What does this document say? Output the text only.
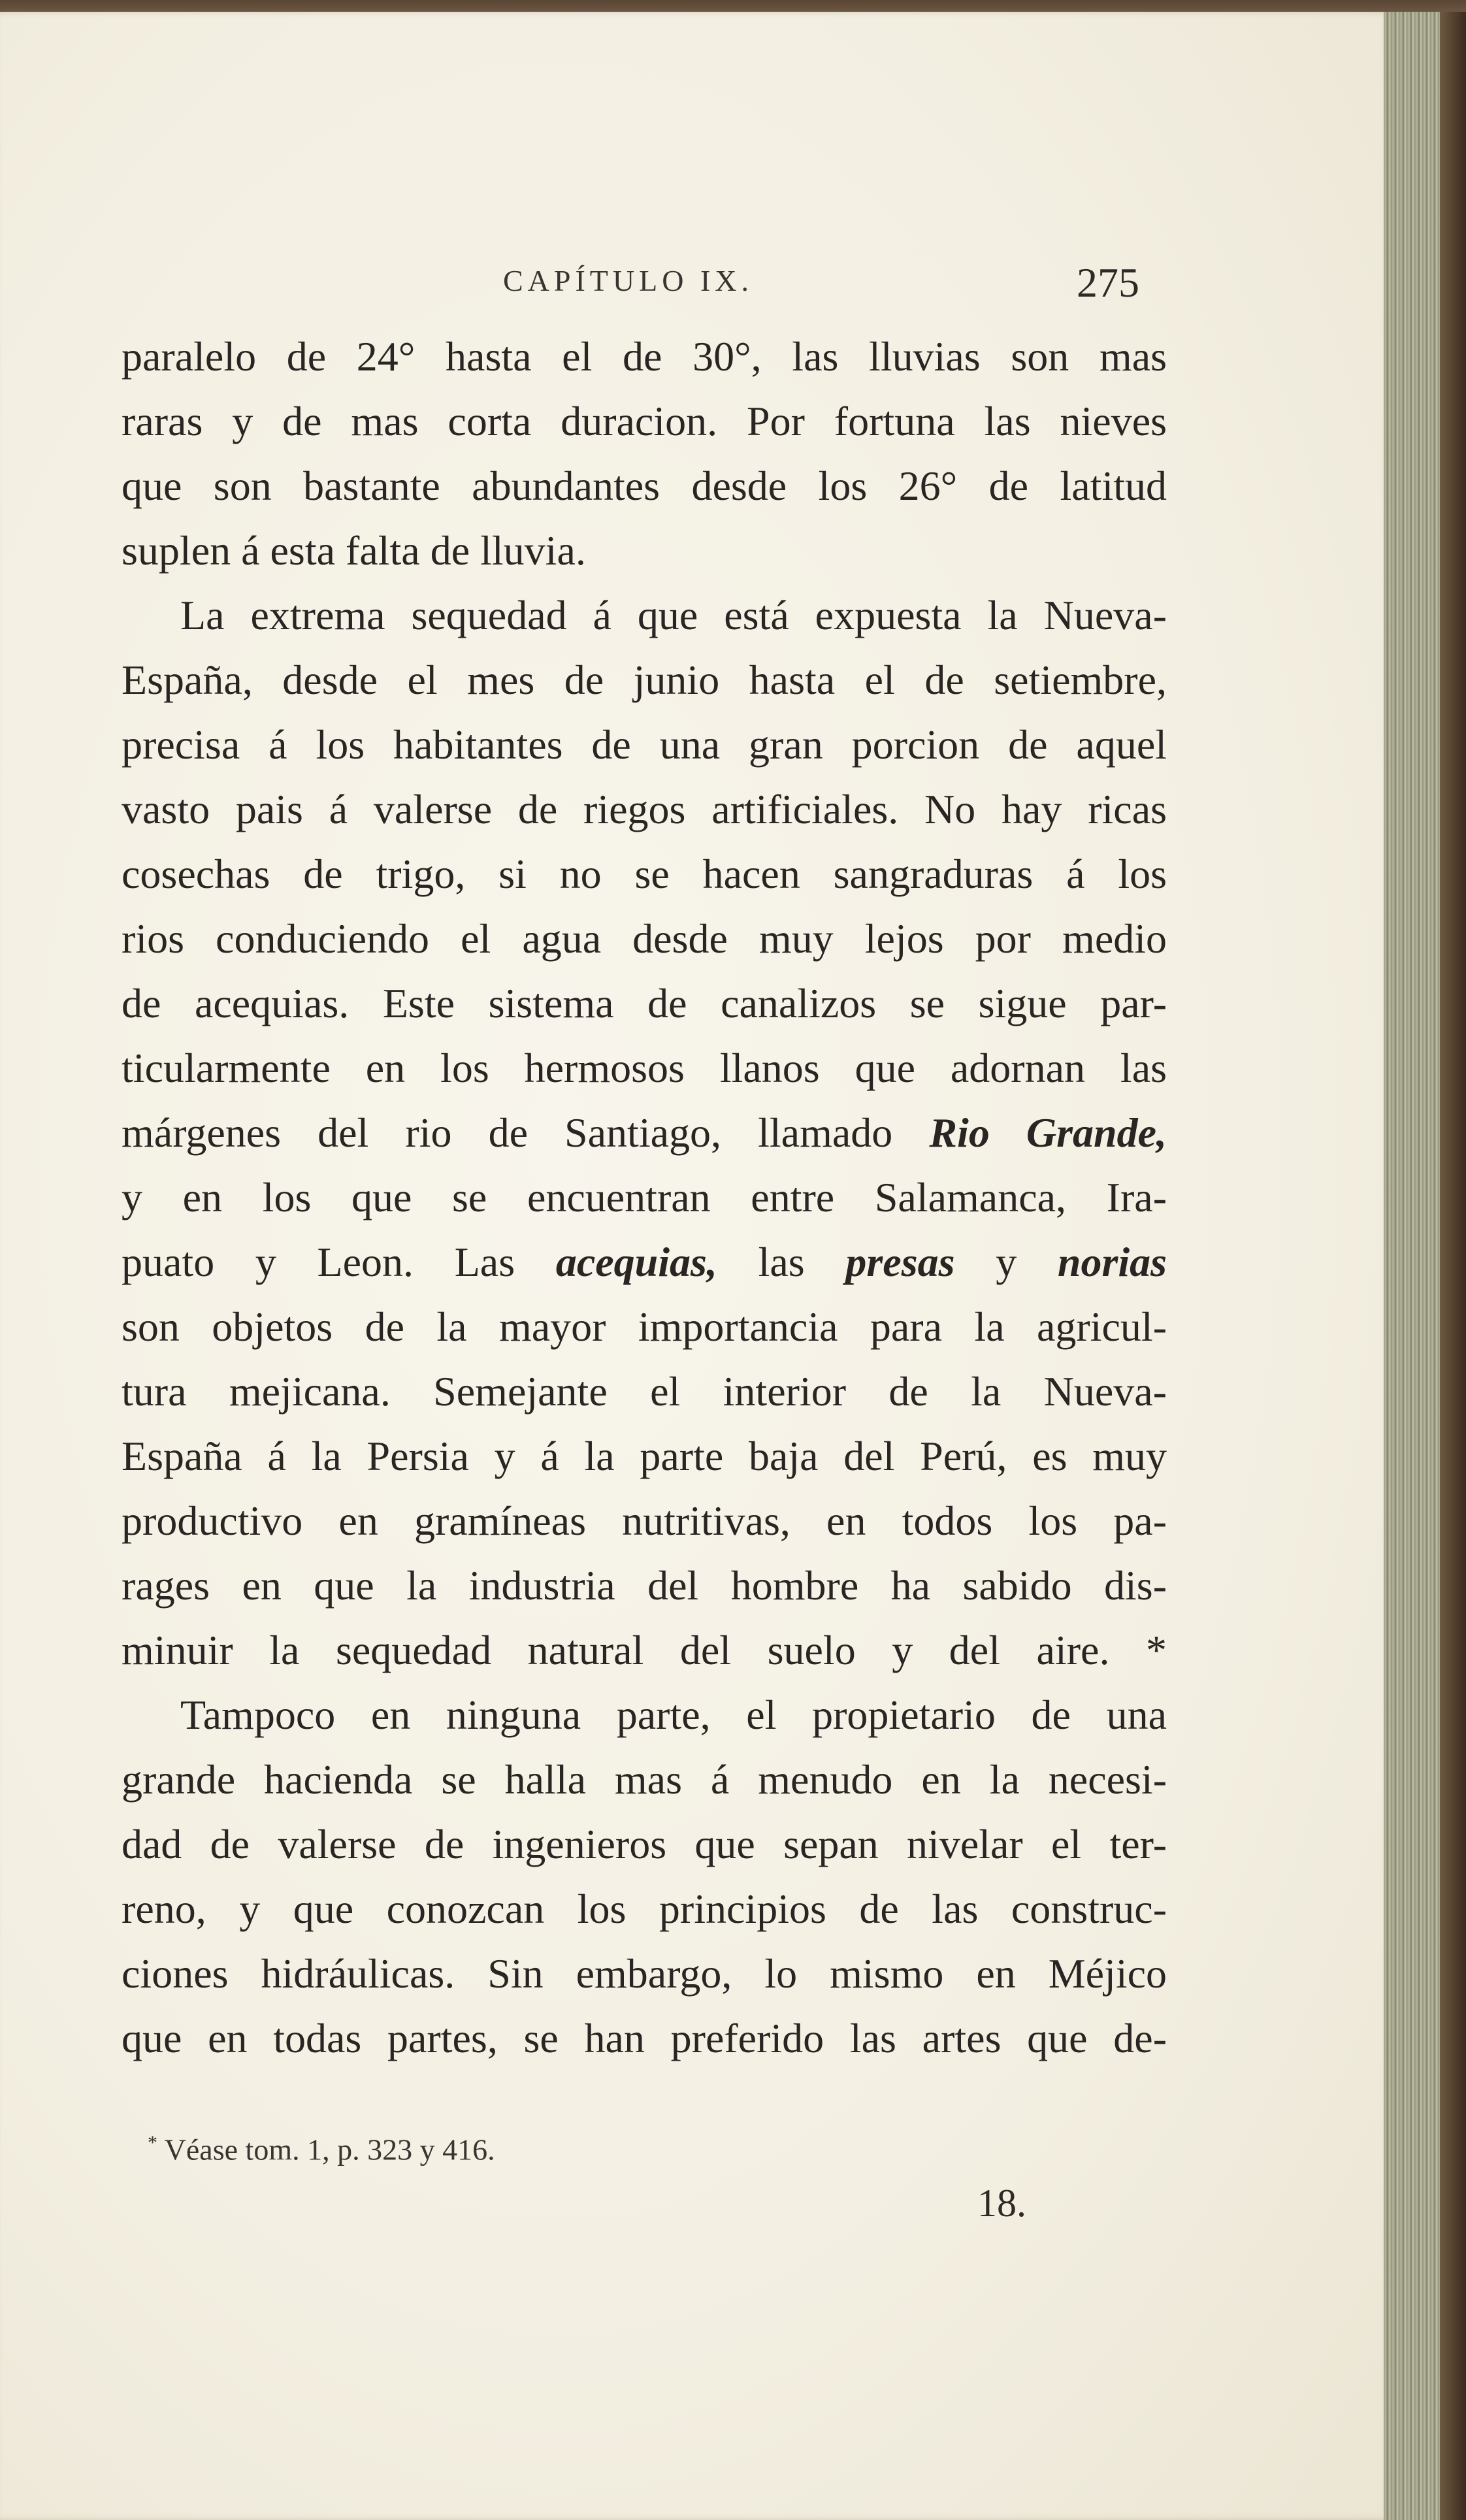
CAPÍTULO IX.	275
paralelo de 24° hasta el de 30°, las lluvias son mas
raras y de mas corta duracion. Por fortuna las nieves
que son bastante abundantes desde los 26° de latitud
suplen á esta falta de lluvia.
La extrema sequedad á que está expuesta la Nueva-
España, desde el mes de junio hasta el de setiembre,
precisa á los habitantes de una gran porcion de aquel
vasto pais á valerse de riegos artificiales. No hay ricas
cosechas de trigo, si no se hacen sangraduras á los
rios conduciendo el agua desde muy lejos por medio
de acequias. Este sistema de canalizos se sigue par-
ticularmente en los hermosos llanos que adornan las
márgenes del rio de Santiago, llamado Rio Grande,
y en los que se encuentran entre Salamanca, Ira-
puato y Leon. Las acequias, las presas y norias
son objetos de la mayor importancia para la agricul-
tura mejicana. Semejante el interior de la Nueva-
España á la Persia y á la parte baja del Perú, es muy
productivo en gramíneas nutritivas, en todos los pa-
rages en que la industria del hombre ha sabido dis-
minuir la sequedad natural del suelo y del aire. *
Tampoco en ninguna parte, el propietario de una
grande hacienda se halla mas á menudo en la necesi-
dad de valerse de ingenieros que sepan nivelar el ter-
reno, y que conozcan los principios de las construc-
ciones hidráulicas. Sin embargo, lo mismo en Méjico
que en todas partes, se han preferido las artes que de-
* Véase tom. 1, p. 323 y 416.
18.
